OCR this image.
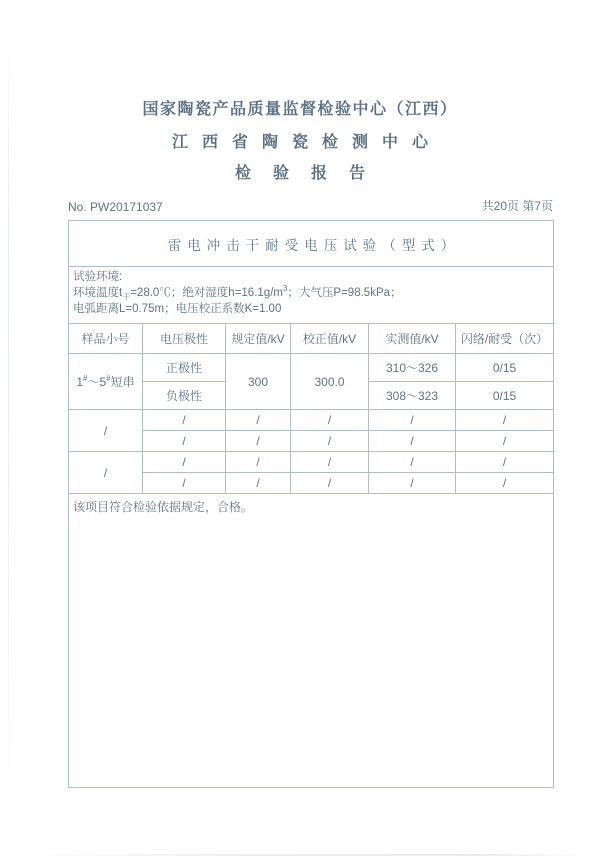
国家陶瓷产品质量监督检验中心（江西）
江西省陶瓷检测中心
检验报告
No. PW20171037	共20页 第7页
雷电冲击干耐受电压试验（型式）					

试验环境:
环境温度$t_干=28.0℃$；绝对湿度$h=16.1g/m^3$；大气压P=98.5kPa；
电弧距离L=0.75m；电压校正系数K=1.00					

样品小号	电压极性	规定值/kV	校正值/kV	实测值/kV	闪络/耐受（次）
1#～5#短串	正极性	300	300.0	310～326	0/15
	负极性			308～323	0/15
/	/	/	/	/	/
	/	/	/	/	/
/	/	/	/	/	/
	/	/	/	/	/

该项目符合检验依据规定，合格。					
